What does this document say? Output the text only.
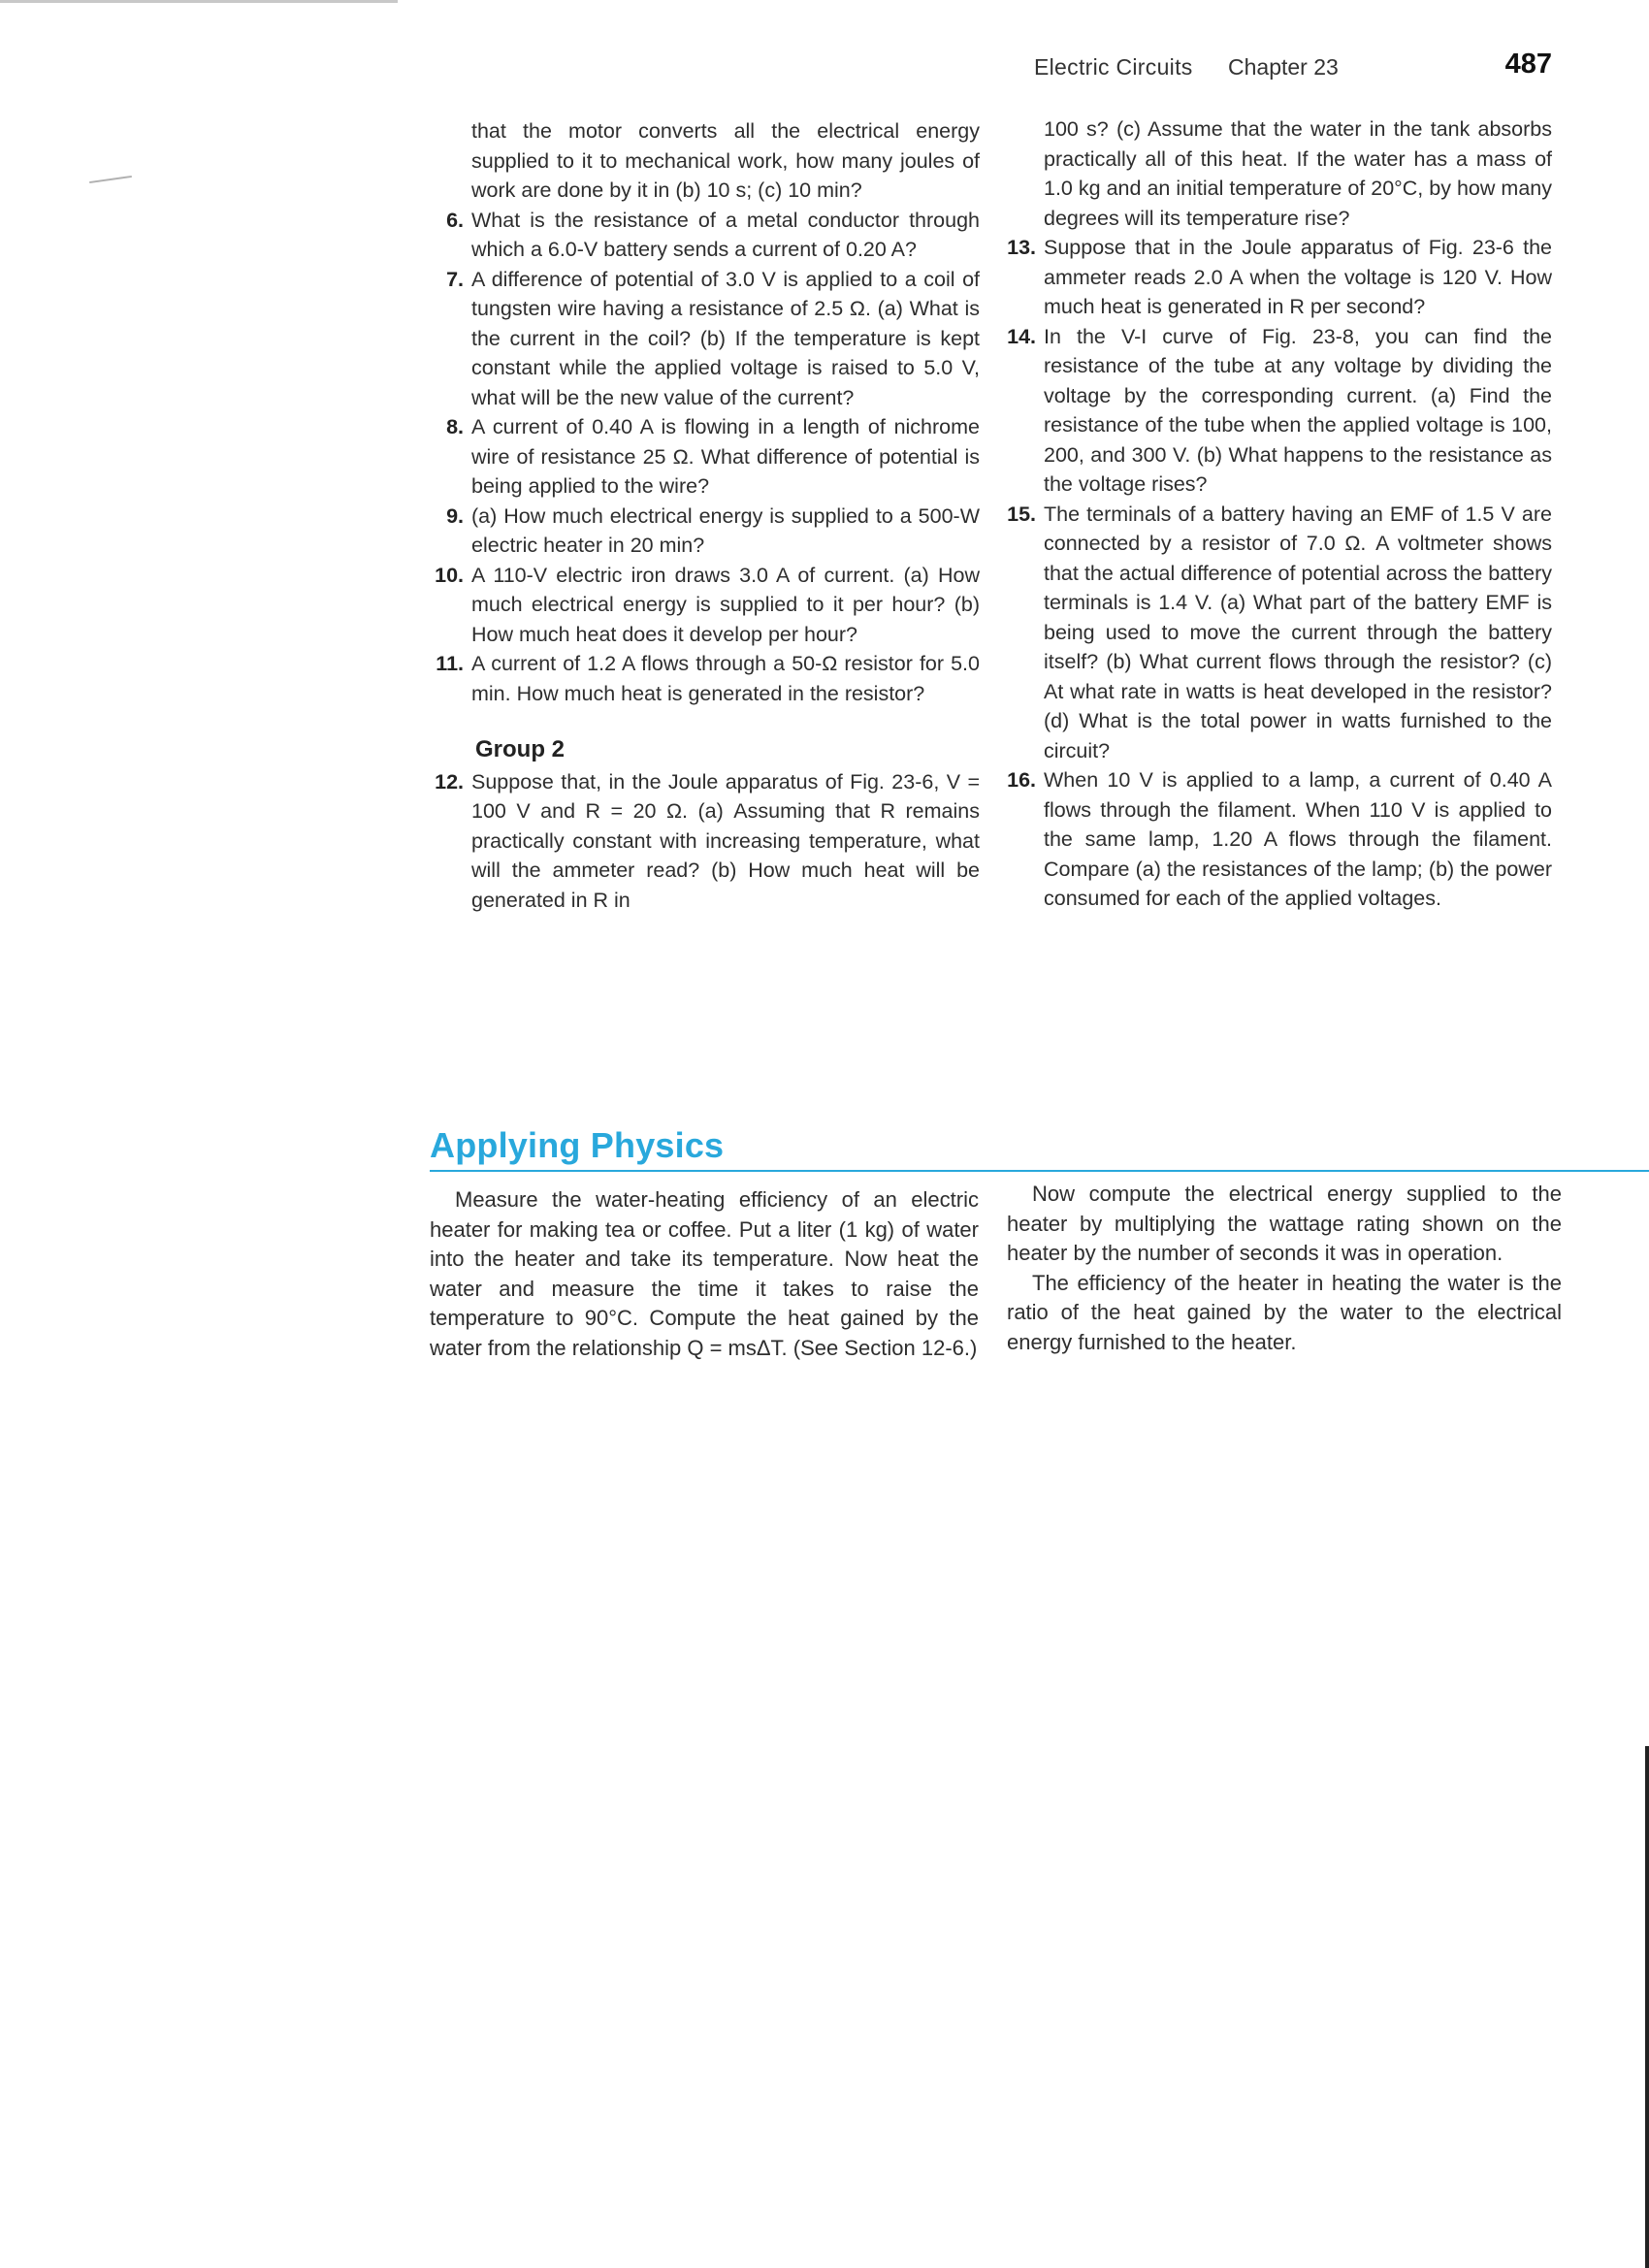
Electric Circuits Chapter 23	487

that the motor converts all the electrical energy supplied to it to mechanical work, how many joules of work are done by it in (b) 10 s; (c) 10 min?

6. What is the resistance of a metal conductor through which a 6.0-V battery sends a current of 0.20 A?
7. A difference of potential of 3.0 V is applied to a coil of tungsten wire having a resistance of 2.5 Ω. (a) What is the current in the coil? (b) If the temperature is kept constant while the applied voltage is raised to 5.0 V, what will be the new value of the current?
8. A current of 0.40 A is flowing in a length of nichrome wire of resistance 25 Ω. What difference of potential is being applied to the wire?
9. (a) How much electrical energy is supplied to a 500-W electric heater in 20 min?
10. A 110-V electric iron draws 3.0 A of current. (a) How much electrical energy is supplied to it per hour? (b) How much heat does it develop per hour?
11. A current of 1.2 A flows through a 50-Ω resistor for 5.0 min. How much heat is generated in the resistor?
Group 2
12. Suppose that, in the Joule apparatus of Fig. 23-6, V = 100 V and R = 20 Ω. (a) Assuming that R remains practically constant with increasing temperature, what will the ammeter read? (b) How much heat will be generated in R in

100 s? (c) Assume that the water in the tank absorbs practically all of this heat. If the water has a mass of 1.0 kg and an initial temperature of 20°C, by how many degrees will its temperature rise?

13. Suppose that in the Joule apparatus of Fig. 23-6 the ammeter reads 2.0 A when the voltage is 120 V. How much heat is generated in R per second?
14. In the V-I curve of Fig. 23-8, you can find the resistance of the tube at any voltage by dividing the voltage by the corresponding current. (a) Find the resistance of the tube when the applied voltage is 100, 200, and 300 V. (b) What happens to the resistance as the voltage rises?
15. The terminals of a battery having an EMF of 1.5 V are connected by a resistor of 7.0 Ω. A voltmeter shows that the actual difference of potential across the battery terminals is 1.4 V. (a) What part of the battery EMF is being used to move the current through the battery itself? (b) What current flows through the resistor? (c) At what rate in watts is heat developed in the resistor? (d) What is the total power in watts furnished to the circuit?
16. When 10 V is applied to a lamp, a current of 0.40 A flows through the filament. When 110 V is applied to the same lamp, 1.20 A flows through the filament. Compare (a) the resistances of the lamp; (b) the power consumed for each of the applied voltages.
Applying Physics

Measure the water-heating efficiency of an electric heater for making tea or coffee. Put a liter (1 kg) of water into the heater and take its temperature. Now heat the water and measure the time it takes to raise the temperature to 90°C. Compute the heat gained by the water from the relationship Q = msΔT. (See Section 12-6.)

Now compute the electrical energy supplied to the heater by multiplying the wattage rating shown on the heater by the number of seconds it was in operation.

The efficiency of the heater in heating the water is the ratio of the heat gained by the water to the electrical energy furnished to the heater.
